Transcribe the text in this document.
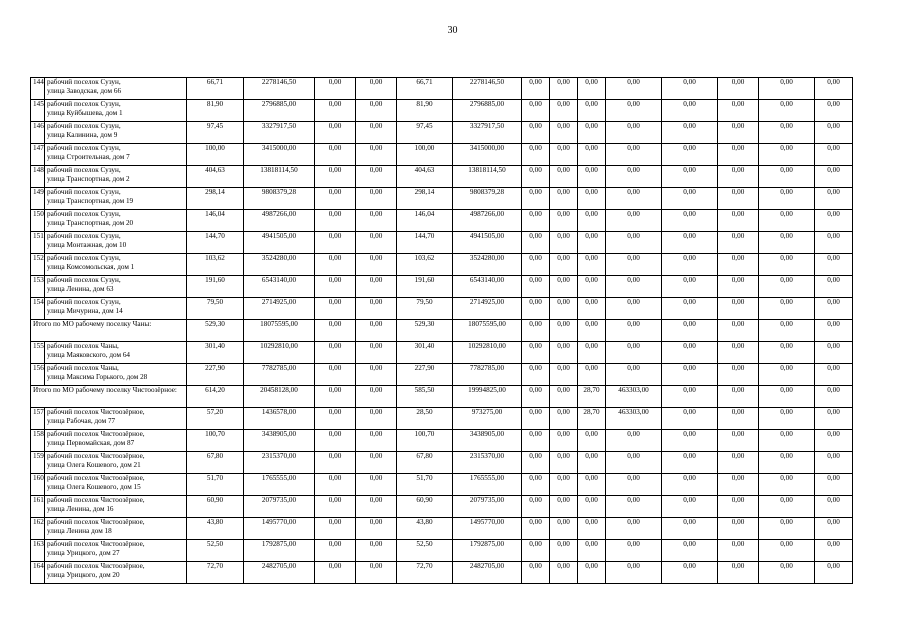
30
144	рабочий поселок Сузун,
улица Заводская, дом 66	66,71	2278146,50	0,00	0,00	66,71	2278146,50	0,00	0,00	0,00	0,00	0,00	0,00	0,00	0,00
145	рабочий поселок Сузун,
улица Куйбышева, дом 1	81,90	2796885,00	0,00	0,00	81,90	2796885,00	0,00	0,00	0,00	0,00	0,00	0,00	0,00	0,00
146	рабочий поселок Сузун,
улица Калинина, дом 9	97,45	3327917,50	0,00	0,00	97,45	3327917,50	0,00	0,00	0,00	0,00	0,00	0,00	0,00	0,00
147	рабочий поселок Сузун,
улица Строительная, дом 7	100,00	3415000,00	0,00	0,00	100,00	3415000,00	0,00	0,00	0,00	0,00	0,00	0,00	0,00	0,00
148	рабочий поселок Сузун,
улица Транспортная, дом 2	404,63	13818114,50	0,00	0,00	404,63	13818114,50	0,00	0,00	0,00	0,00	0,00	0,00	0,00	0,00
149	рабочий поселок Сузун,
улица Транспортная, дом 19	298,14	9808379,28	0,00	0,00	298,14	9808379,28	0,00	0,00	0,00	0,00	0,00	0,00	0,00	0,00
150	рабочий поселок Сузун,
улица Транспортная, дом 20	146,04	4987266,00	0,00	0,00	146,04	4987266,00	0,00	0,00	0,00	0,00	0,00	0,00	0,00	0,00
151	рабочий поселок Сузун,
улица Монтажная, дом 10	144,70	4941505,00	0,00	0,00	144,70	4941505,00	0,00	0,00	0,00	0,00	0,00	0,00	0,00	0,00
152	рабочий поселок Сузун,
улица Комсомольская, дом 1	103,62	3524280,00	0,00	0,00	103,62	3524280,00	0,00	0,00	0,00	0,00	0,00	0,00	0,00	0,00
153	рабочий поселок Сузун,
улица Ленина, дом 63	191,60	6543140,00	0,00	0,00	191,60	6543140,00	0,00	0,00	0,00	0,00	0,00	0,00	0,00	0,00
154	рабочий поселок Сузун,
улица Мичурина, дом 14	79,50	2714925,00	0,00	0,00	79,50	2714925,00	0,00	0,00	0,00	0,00	0,00	0,00	0,00	0,00
Итого по МО рабочему поселку Чаны:		529,30	18075595,00	0,00	0,00	529,30	18075595,00	0,00	0,00	0,00	0,00	0,00	0,00	0,00	0,00
155	рабочий поселок Чаны,
улица Маяковского, дом 64	301,40	10292810,00	0,00	0,00	301,40	10292810,00	0,00	0,00	0,00	0,00	0,00	0,00	0,00	0,00
156	рабочий поселок Чаны,
улица Максима Горького, дом 28	227,90	7782785,00	0,00	0,00	227,90	7782785,00	0,00	0,00	0,00	0,00	0,00	0,00	0,00	0,00
Итого по МО рабочему поселку Чистоозёрное:		614,20	20458128,00	0,00	0,00	585,50	19994825,00	0,00	0,00	28,70	463303,00	0,00	0,00	0,00	0,00
157	рабочий поселок Чистоозёрное,
улица Рабочая, дом 77	57,20	1436578,00	0,00	0,00	28,50	973275,00	0,00	0,00	28,70	463303,00	0,00	0,00	0,00	0,00
158	рабочий поселок Чистоозёрное,
улица Первомайская, дом 87	100,70	3438905,00	0,00	0,00	100,70	3438905,00	0,00	0,00	0,00	0,00	0,00	0,00	0,00	0,00
159	рабочий поселок Чистоозёрное,
улица Олега Кошевого, дом 21	67,80	2315370,00	0,00	0,00	67,80	2315370,00	0,00	0,00	0,00	0,00	0,00	0,00	0,00	0,00
160	рабочий поселок Чистоозёрное,
улица Олега Кошевого, дом 15	51,70	1765555,00	0,00	0,00	51,70	1765555,00	0,00	0,00	0,00	0,00	0,00	0,00	0,00	0,00
161	рабочий поселок Чистоозёрное,
улица Ленина, дом 16	60,90	2079735,00	0,00	0,00	60,90	2079735,00	0,00	0,00	0,00	0,00	0,00	0,00	0,00	0,00
162	рабочий поселок Чистоозёрное,
улица Ленина дом 18	43,80	1495770,00	0,00	0,00	43,80	1495770,00	0,00	0,00	0,00	0,00	0,00	0,00	0,00	0,00
163	рабочий поселок Чистоозёрное,
улица Урицкого, дом 27	52,50	1792875,00	0,00	0,00	52,50	1792875,00	0,00	0,00	0,00	0,00	0,00	0,00	0,00	0,00
164	рабочий поселок Чистоозёрное,
улица Урицкого, дом 20	72,70	2482705,00	0,00	0,00	72,70	2482705,00	0,00	0,00	0,00	0,00	0,00	0,00	0,00	0,00
